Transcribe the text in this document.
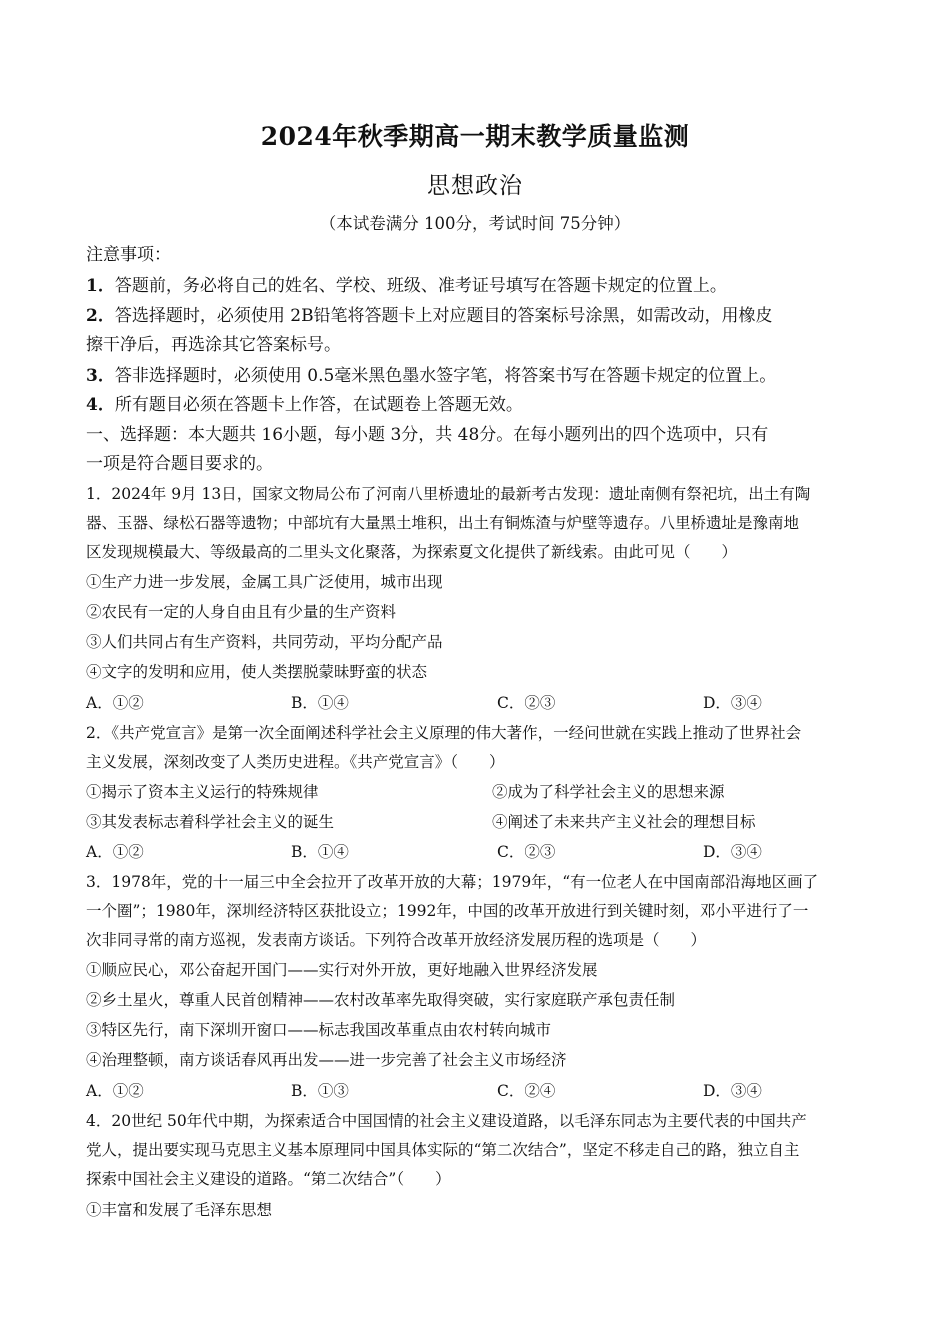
2024年秋季期高一期末教学质量监测
思想政治
（本试卷满分 100分，考试时间 75分钟）
注意事项：
1．答题前，务必将自己的姓名、学校、班级、准考证号填写在答题卡规定的位置上。
2．答选择题时，必须使用 2B铅笔将答题卡上对应题目的答案标号涂黑，如需改动，用橡皮
擦干净后，再选涂其它答案标号。
3．答非选择题时，必须使用 0.5毫米黑色墨水签字笔，将答案书写在答题卡规定的位置上。
4．所有题目必须在答题卡上作答，在试题卷上答题无效。
一、选择题：本大题共 16小题，每小题 3分，共 48分。在每小题列出的四个选项中，只有
一项是符合题目要求的。
1．2024年 9月 13日，国家文物局公布了河南八里桥遗址的最新考古发现：遗址南侧有祭祀坑，出土有陶
器、玉器、绿松石器等遗物；中部坑有大量黑土堆积，出土有铜炼渣与炉壁等遗存。八里桥遗址是豫南地
区发现规模最大、等级最高的二里头文化聚落，为探索夏文化提供了新线索。由此可见（　　）
①生产力进一步发展，金属工具广泛使用，城市出现
②农民有一定的人身自由且有少量的生产资料
③人们共同占有生产资料，共同劳动，平均分配产品
④文字的发明和应用，使人类摆脱蒙昧野蛮的状态
A．①②	B．①④	C．②③	D．③④
2．《共产党宣言》是第一次全面阐述科学社会主义原理的伟大著作，一经问世就在实践上推动了世界社会
主义发展，深刻改变了人类历史进程。《共产党宣言》（　　）
①揭示了资本主义运行的特殊规律	②成为了科学社会主义的思想来源
③其发表标志着科学社会主义的诞生	④阐述了未来共产主义社会的理想目标
A．①②	B．①④	C．②③	D．③④
3．1978年，党的十一届三中全会拉开了改革开放的大幕；1979年，“有一位老人在中国南部沿海地区画了
一个圈”；1980年，深圳经济特区获批设立；1992年，中国的改革开放进行到关键时刻，邓小平进行了一
次非同寻常的南方巡视，发表南方谈话。下列符合改革开放经济发展历程的选项是（　　）
①顺应民心，邓公奋起开国门——实行对外开放，更好地融入世界经济发展
②乡土星火，尊重人民首创精神——农村改革率先取得突破，实行家庭联产承包责任制
③特区先行，南下深圳开窗口——标志我国改革重点由农村转向城市
④治理整顿，南方谈话春风再出发——进一步完善了社会主义市场经济
A．①②	B．①③	C．②④	D．③④
4．20世纪 50年代中期，为探索适合中国国情的社会主义建设道路，以毛泽东同志为主要代表的中国共产
党人，提出要实现马克思主义基本原理同中国具体实际的“第二次结合”，坚定不移走自己的路，独立自主
探索中国社会主义建设的道路。“第二次结合”（　　）
①丰富和发展了毛泽东思想
